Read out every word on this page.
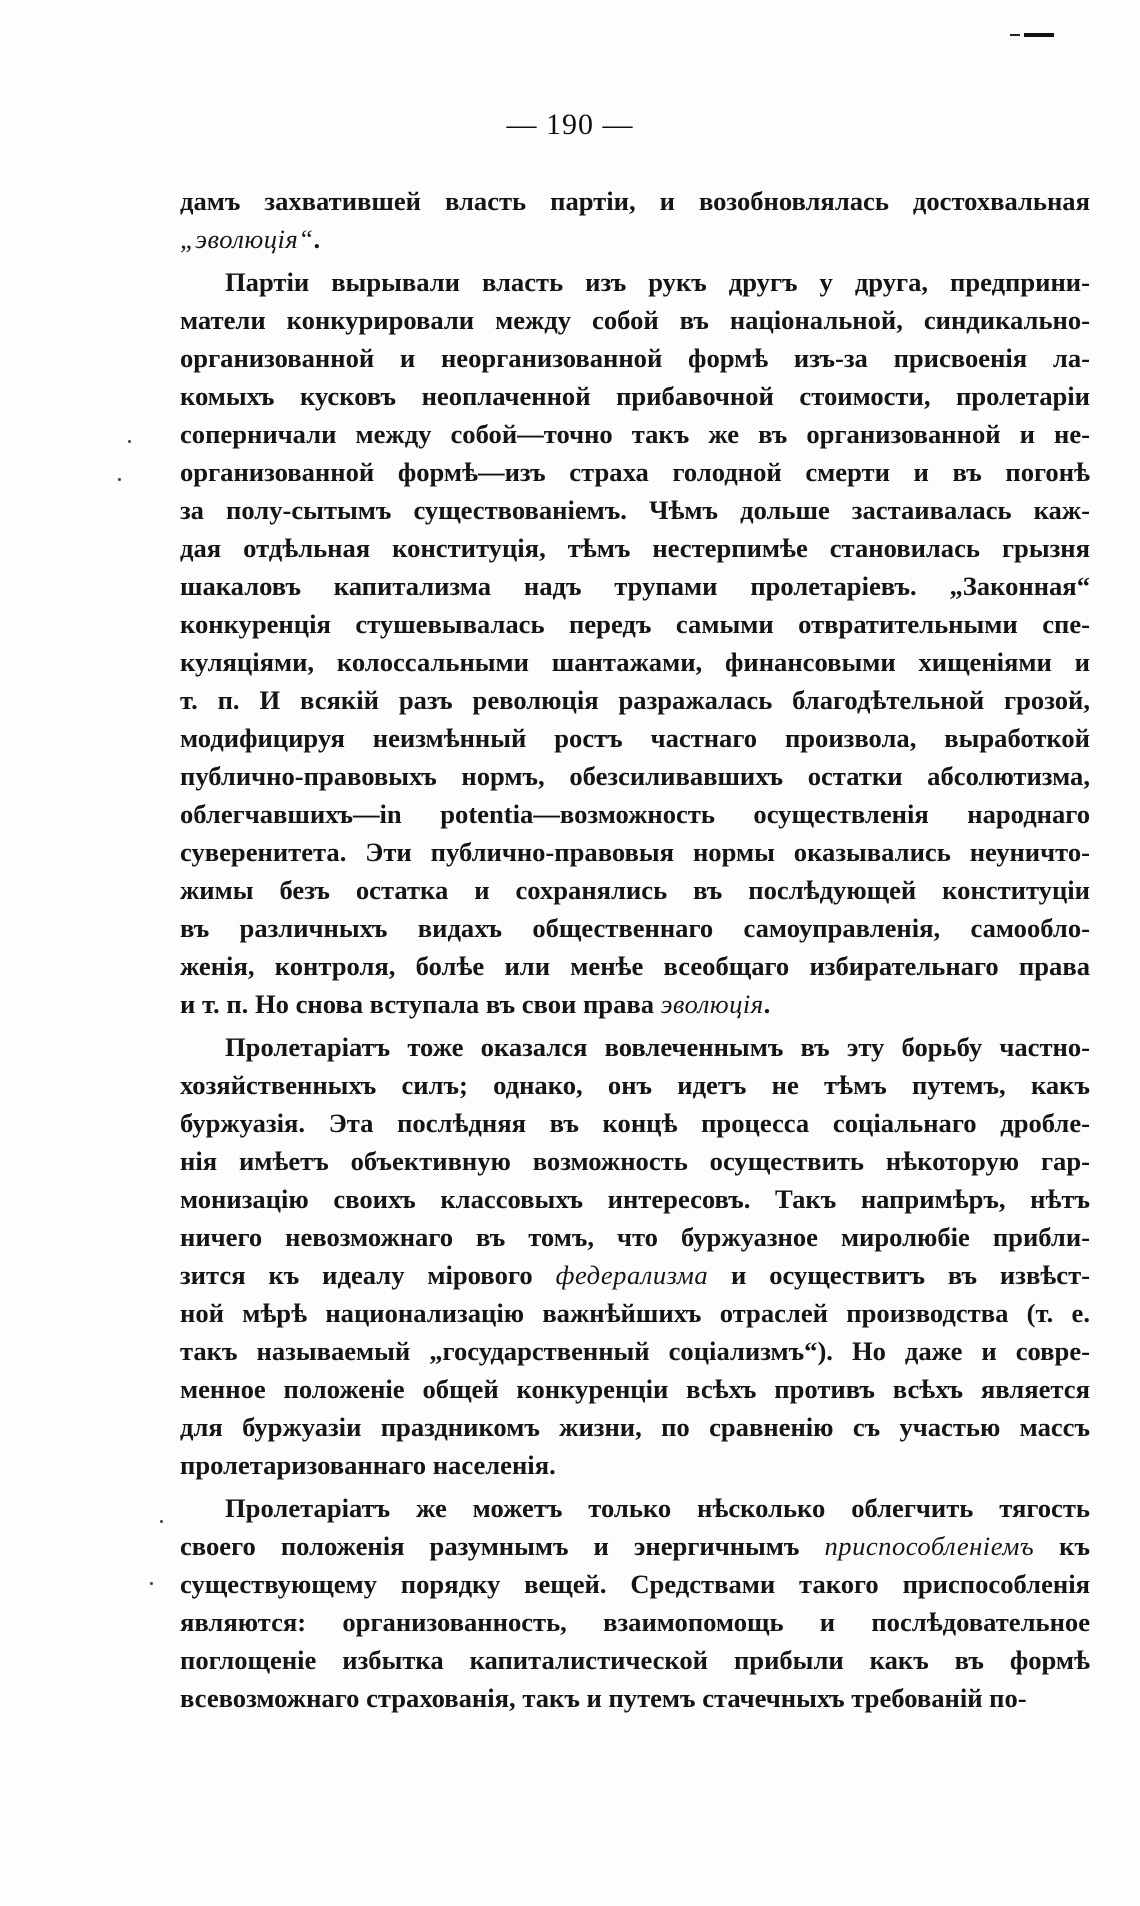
— 190 —
дамъ захватившей власть партіи, и возобновлялась достохвальная
„эволюція“.
Партіи вырывали власть изъ рукъ другъ у друга, предприни-
матели конкурировали между собой въ національной, синдикально-
организованной и неорганизованной формѣ изъ-за присвоенія ла-
комыхъ кусковъ неоплаченной прибавочной стоимости, пролетаріи
соперничали между собой—точно такъ же въ организованной и не-
организованной формѣ—изъ страха голодной смерти и въ погонѣ
за полу-сытымъ существованіемъ. Чѣмъ дольше застаивалась каж-
дая отдѣльная конституція, тѣмъ нестерпимѣе становилась грызня
шакаловъ капитализма надъ трупами пролетаріевъ. „Законная“
конкуренція стушевывалась передъ самыми отвратительными спе-
куляціями, колоссальными шантажами, финансовыми хищеніями и
т. п. И всякій разъ революція разражалась благодѣтельной грозой,
модифицируя неизмѣнный ростъ частнаго произвола, выработкой
публично-правовыхъ нормъ, обезсиливавшихъ остатки абсолютизма,
облегчавшихъ—in potentia—возможность осуществленія народнаго
суверенитета. Эти публично-правовыя нормы оказывались неуничто-
жимы безъ остатка и сохранялись въ послѣдующей конституціи
въ различныхъ видахъ общественнаго самоуправленія, самообло-
женія, контроля, болѣе или менѣе всеобщаго избирательнаго права
и т. п. Но снова вступала въ свои права эволюція.
Пролетаріатъ тоже оказался вовлеченнымъ въ эту борьбу частно-
хозяйственныхъ силъ; однако, онъ идетъ не тѣмъ путемъ, какъ
буржуазія. Эта послѣдняя въ концѣ процесса соціальнаго дробле-
нія имѣетъ объективную возможность осуществить нѣкоторую гар-
монизацію своихъ классовыхъ интересовъ. Такъ напримѣръ, нѣтъ
ничего невозможнаго въ томъ, что буржуазное миролюбіе прибли-
зится къ идеалу міровoго федерализма и осуществитъ въ извѣст-
ной мѣрѣ национализацію важнѣйшихъ отраслей производства (т. е.
такъ называемый „государственный соціализмъ“). Но даже и совре-
менное положеніе общей конкуренціи всѣхъ противъ всѣхъ является
для буржуазіи праздникомъ жизни, по сравненію съ участью массъ
пролетаризованнаго населенія.
Пролетаріатъ же можетъ только нѣсколько облегчить тягость
своего положенія разумнымъ и энергичнымъ приспособленіемъ къ
существующему порядку вещей. Средствами такого приспособленія
являются: организованность, взаимопомощь и послѣдовательное
поглощеніе избытка капиталистической прибыли какъ въ формѣ
всевозможнаго страхованія, такъ и путемъ стачечныхъ требованій по-
